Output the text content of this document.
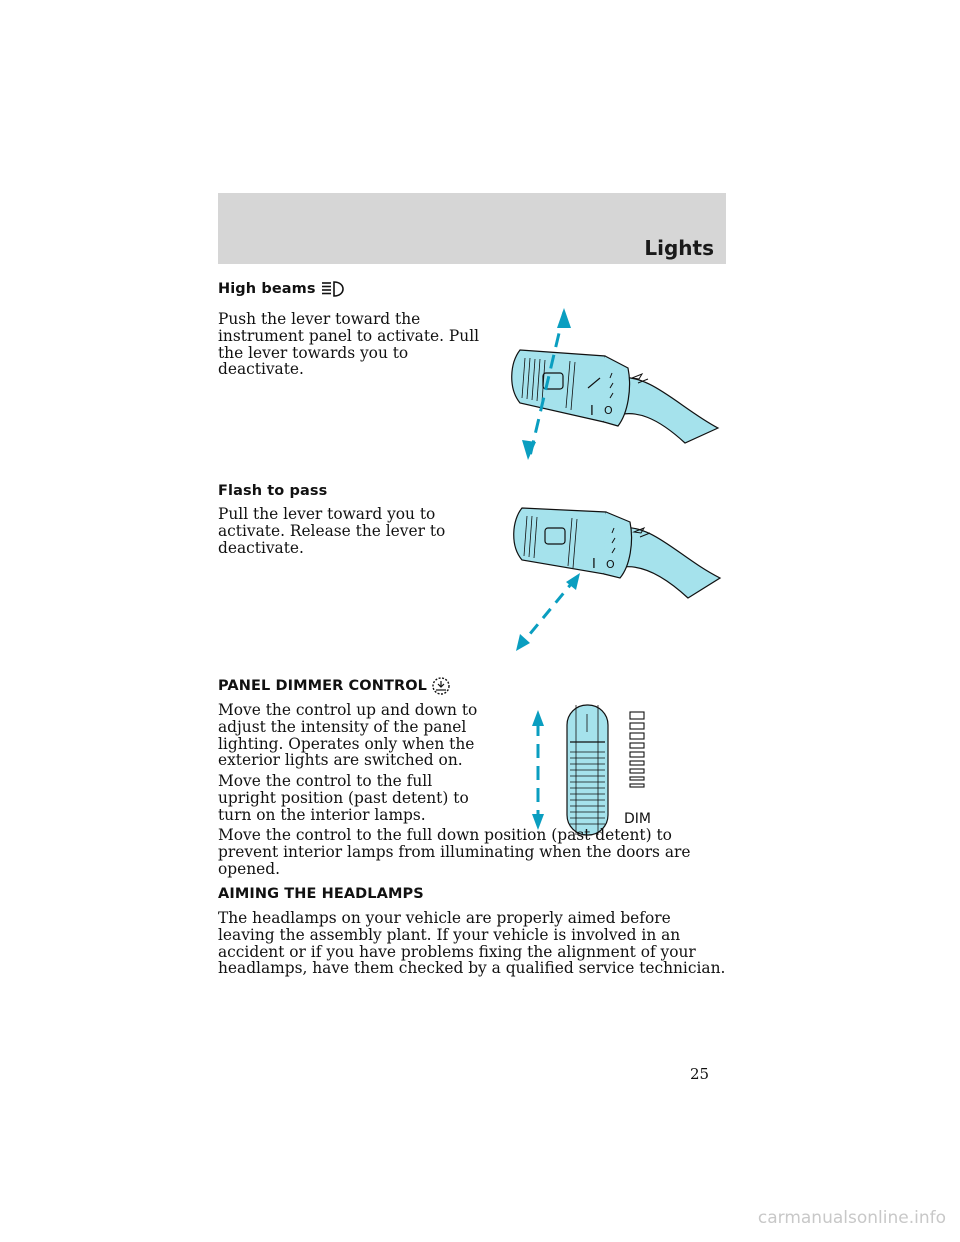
Lights
High beams
Push the lever toward the instrument panel to activate. Pull the lever towards you to deactivate.
I O
Flash to pass
Pull the lever toward you to activate. Release the lever to deactivate.
I O
PANEL DIMMER CONTROL
Move the control up and down to adjust the intensity of the panel lighting. Operates only when the exterior lights are switched on.
Move the control to the full upright position (past detent) to turn on the interior lamps.	DIM
Move the control to the full down position (past detent) to prevent interior lamps from illuminating when the doors are opened.
AIMING THE HEADLAMPS
The headlamps on your vehicle are properly aimed before leaving the assembly plant. If your vehicle is involved in an accident or if you have problems fixing the alignment of your headlamps, have them checked by a qualified service technician.
25
carmanualsonline.info
